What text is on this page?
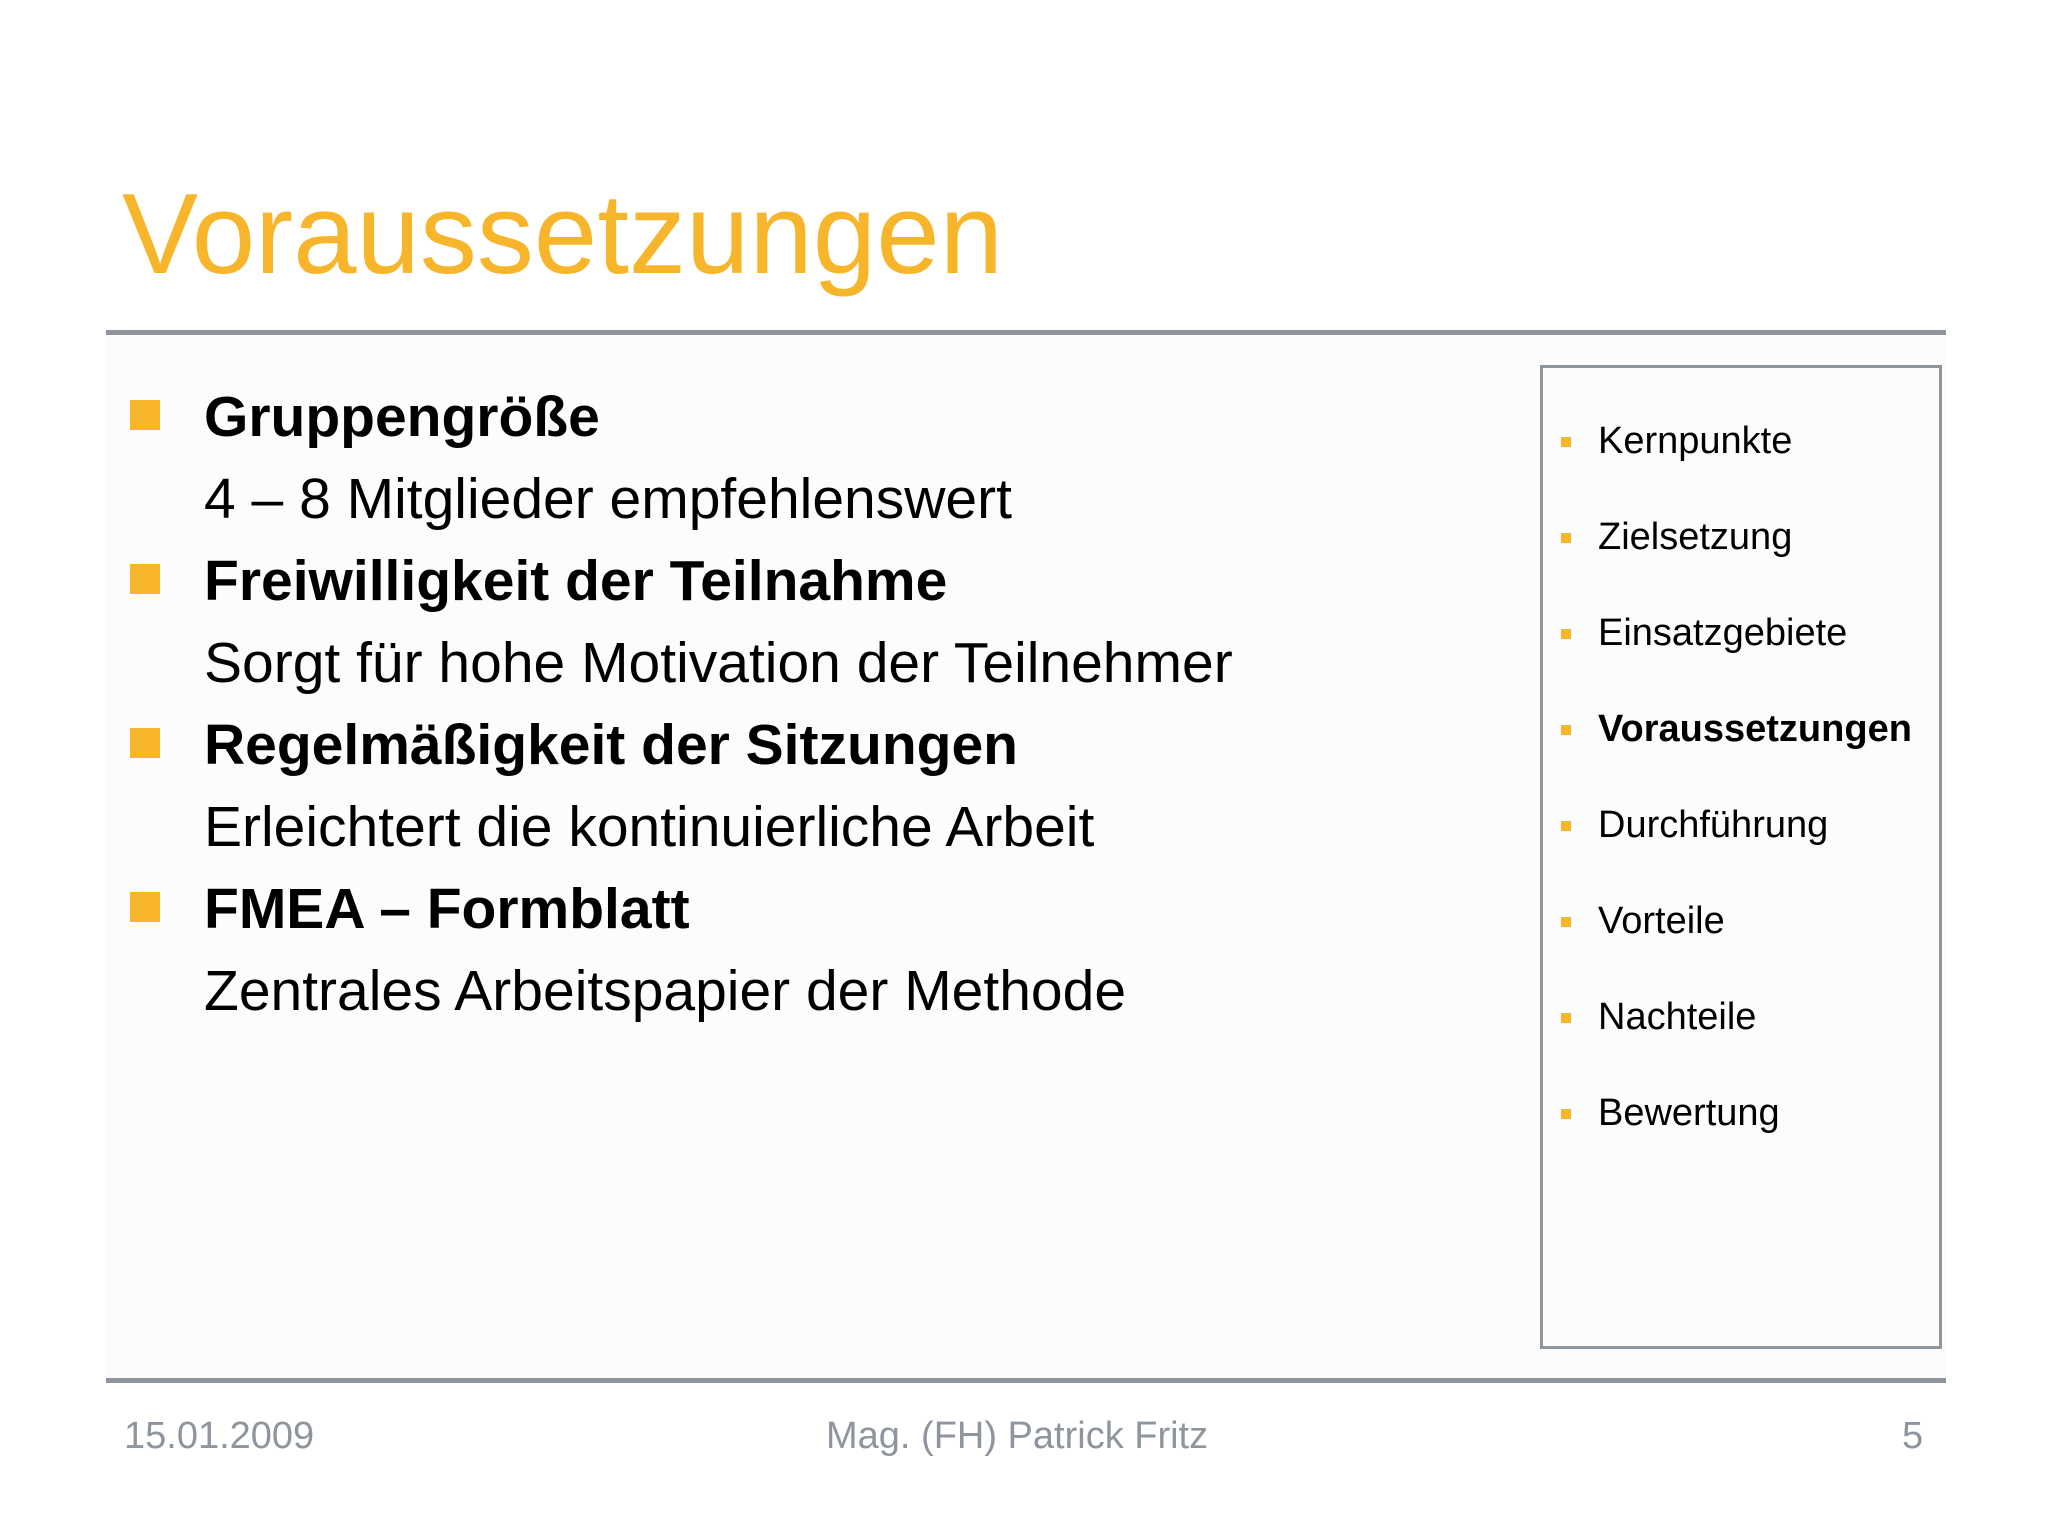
Voraussetzungen
Gruppengröße
4 – 8 Mitglieder empfehlenswert
Freiwilligkeit der Teilnahme
Sorgt für hohe Motivation der Teilnehmer
Regelmäßigkeit der Sitzungen
Erleichtert die kontinuierliche Arbeit
FMEA – Formblatt
Zentrales Arbeitspapier der Methode
Kernpunkte
Zielsetzung
Einsatzgebiete
Voraussetzungen
Durchführung
Vorteile
Nachteile
Bewertung
15.01.2009	Mag. (FH) Patrick Fritz	5
